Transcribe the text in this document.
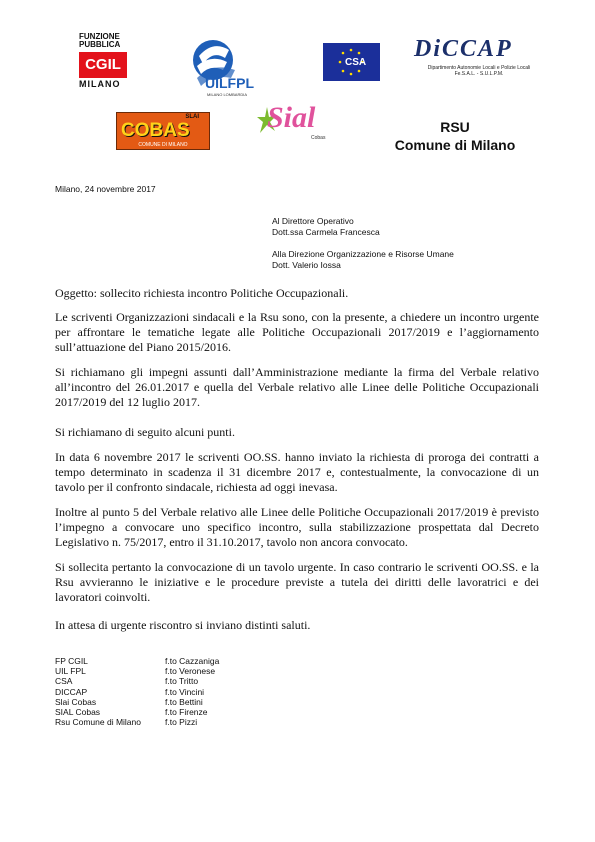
FUNZIONE PUBBLICA
CGIL
MILANO	UILFPL
MILANO LOMBARDIA
CSA
DiCCAP
Dipartimento Autonomie Locali e Polizie Locali
Fe.S.A.L. - S.U.L.P.M.
SLAI
COBAS
COMUNE DI MILANO
Sial
Cobas
RSU
Comune di Milano
Milano, 24 novembre 2017
Al Direttore Operativo
Dott.ssa Carmela Francesca
Alla Direzione Organizzazione e Risorse Umane
Dott. Valerio Iossa
Oggetto: sollecito richiesta incontro Politiche Occupazionali.
Le scriventi Organizzazioni sindacali e la Rsu sono, con la presente, a chiedere un incontro urgente per affrontare le tematiche legate alle Politiche Occupazionali 2017/2019 e l’aggiornamento sull’attuazione del Piano 2015/2016.
Si richiamano gli impegni assunti dall’Amministrazione mediante la firma del Verbale relativo all’incontro del 26.01.2017 e quella del Verbale relativo alle Linee delle Politiche Occupazionali 2017/2019 del 12 luglio 2017.
Si richiamano di seguito alcuni punti.
In data 6 novembre 2017 le scriventi OO.SS. hanno inviato la richiesta di proroga dei contratti a tempo determinato in scadenza il 31 dicembre 2017 e, contestualmente, la convocazione di un tavolo per il confronto sindacale, richiesta ad oggi inevasa.
Inoltre al punto 5 del Verbale relativo alle Linee delle Politiche Occupazionali 2017/2019 è previsto l’impegno a convocare uno specifico incontro, sulla stabilizzazione prospettata dal Decreto Legislativo n. 75/2017, entro il 31.10.2017, tavolo non ancora convocato.
Si sollecita pertanto la convocazione di un tavolo urgente. In caso contrario le scriventi OO.SS. e la Rsu avvieranno le iniziative e le procedure previste a tutela dei diritti delle lavoratrici e dei lavoratori coinvolti.
In attesa di urgente riscontro si inviano distinti saluti.
FP CGIL	f.to Cazzaniga
UIL FPL	f.to Veronese
CSA	f.to Tritto
DICCAP	f.to Vincini
Slai Cobas	f.to Bettini
SIAL Cobas	f.to Firenze
Rsu Comune di Milano	f.to Pizzi
